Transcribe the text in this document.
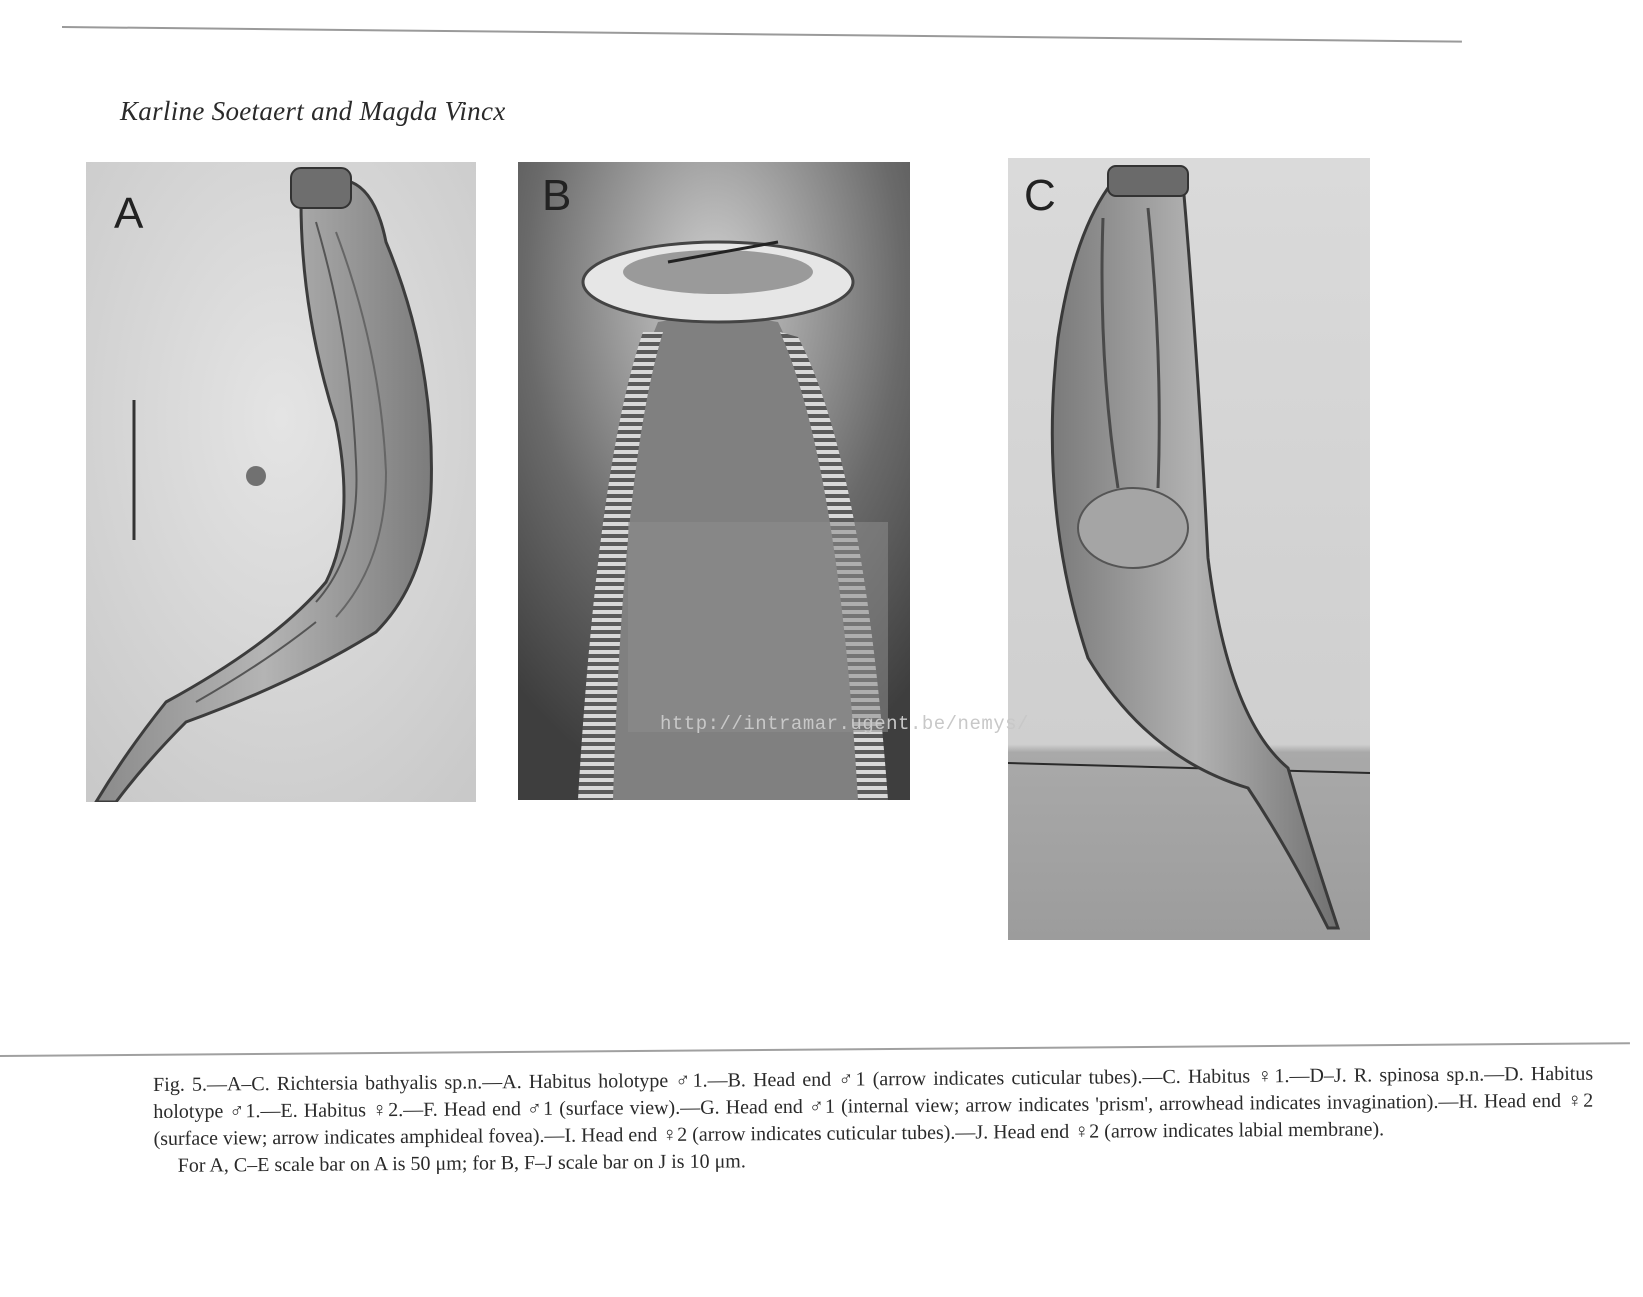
Karline Soetaert and Magda Vincx
A	B	C
http://intramar.ugent.be/nemys/

Fig. 5.—A–C. Richtersia bathyalis sp.n.—A. Habitus holotype ♂1.—B. Head end ♂1 (arrow indicates cuticular tubes).—C. Habitus ♀1.—D–J. R. spinosa sp.n.—D. Habitus holotype ♂1.—E. Habitus ♀2.—F. Head end ♂1 (surface view).—G. Head end ♂1 (internal view; arrow indicates 'prism', arrowhead indicates invagination).—H. Head end ♀2 (surface view; arrow indicates amphideal fovea).—I. Head end ♀2 (arrow indicates cuticular tubes).—J. Head end ♀2 (arrow indicates labial membrane).

For A, C–E scale bar on A is 50 μm; for B, F–J scale bar on J is 10 μm.
